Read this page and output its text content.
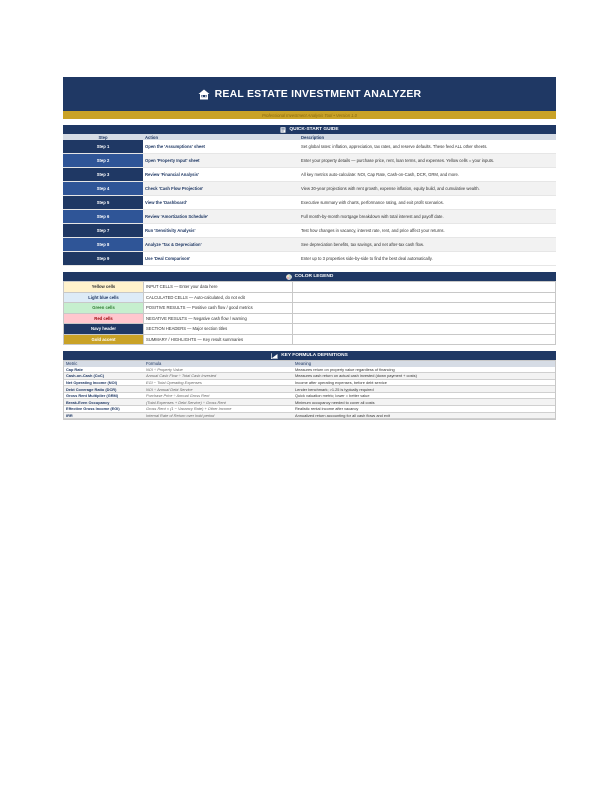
REAL ESTATE INVESTMENT ANALYZER
Professional Investment Analysis Tool • Version 1.0
QUICK-START GUIDE
Step	Action	Description
Step 1	Open the 'Assumptions' sheet	Set global rates: inflation, appreciation, tax rates, and reserve defaults. These feed ALL other sheets.
Step 2	Open 'Property Input' sheet	Enter your property details — purchase price, rent, loan terms, and expenses. Yellow cells = your inputs.
Step 3	Review 'Financial Analysis'	All key metrics auto-calculate: NOI, Cap Rate, Cash-on-Cash, DCR, GRM, and more.
Step 4	Check 'Cash Flow Projection'	View 30-year projections with rent growth, expense inflation, equity build, and cumulative wealth.
Step 5	View the 'Dashboard'	Executive summary with charts, performance rating, and exit profit scenarios.
Step 6	Review 'Amortization Schedule'	Full month-by-month mortgage breakdown with total interest and payoff date.
Step 7	Run 'Sensitivity Analysis'	Test how changes in vacancy, interest rate, rent, and price affect your returns.
Step 8	Analyze 'Tax & Depreciation'	See depreciation benefits, tax savings, and net after-tax cash flow.
Step 9	Use 'Deal Comparison'	Enter up to 3 properties side-by-side to find the best deal automatically.
COLOR LEGEND
Yellow cells	INPUT CELLS — Enter your data here	
Light blue cells	CALCULATED CELLS — Auto-calculated, do not edit	
Green cells	POSITIVE RESULTS — Positive cash flow / good metrics	
Red cells	NEGATIVE RESULTS — Negative cash flow / warning	
Navy header	SECTION HEADERS — Major section titles	
Gold accent	SUMMARY / HIGHLIGHTS — Key result summaries	
KEY FORMULA DEFINITIONS
Metric	Formula	Meaning
Cap Rate	NOI ÷ Property Value	Measures return on property value regardless of financing
Cash-on-Cash (CoC)	Annual Cash Flow ÷ Total Cash Invested	Measures cash return on actual cash invested (down payment + costs)
Net Operating Income (NOI)	EGI − Total Operating Expenses	Income after operating expenses, before debt service
Debt Coverage Ratio (DCR)	NOI ÷ Annual Debt Service	Lender benchmark; >1.25 is typically required
Gross Rent Multiplier (GRM)	Purchase Price ÷ Annual Gross Rent	Quick valuation metric; lower = better value
Break-Even Occupancy	(Total Expenses + Debt Service) ÷ Gross Rent	Minimum occupancy needed to cover all costs
Effective Gross Income (EGI)	Gross Rent × (1 − Vacancy Rate) + Other Income	Realistic rental income after vacancy
IRR	Internal Rate of Return over hold period	Annualized return accounting for all cash flows and exit
